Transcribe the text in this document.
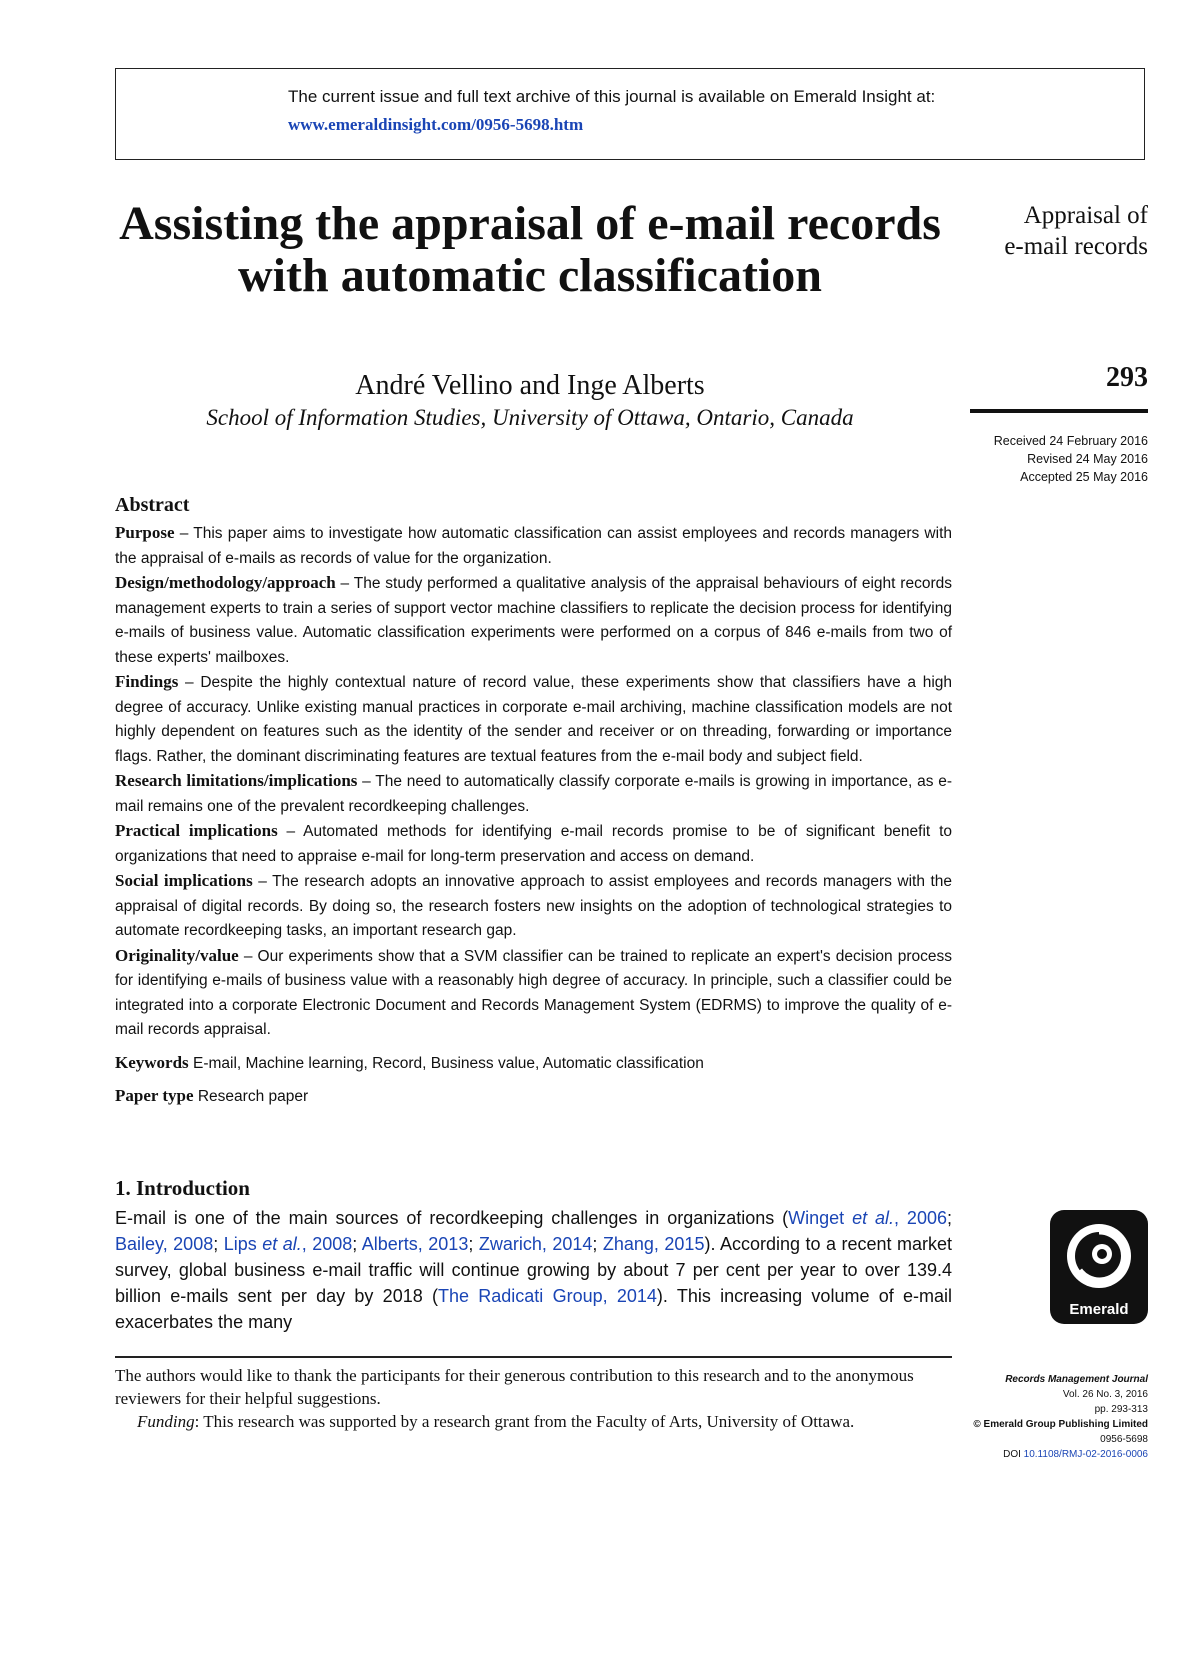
The current issue and full text archive of this journal is available on Emerald Insight at:
www.emeraldinsight.com/0956-5698.htm
Assisting the appraisal of e-mail records with automatic classification
André Vellino and Inge Alberts
School of Information Studies, University of Ottawa, Ontario, Canada
Appraisal of
e-mail records
293
Received 24 February 2016
Revised 24 May 2016
Accepted 25 May 2016
Abstract

Purpose – This paper aims to investigate how automatic classification can assist employees and records managers with the appraisal of e-mails as records of value for the organization.

Design/methodology/approach – The study performed a qualitative analysis of the appraisal behaviours of eight records management experts to train a series of support vector machine classifiers to replicate the decision process for identifying e-mails of business value. Automatic classification experiments were performed on a corpus of 846 e-mails from two of these experts' mailboxes.

Findings – Despite the highly contextual nature of record value, these experiments show that classifiers have a high degree of accuracy. Unlike existing manual practices in corporate e-mail archiving, machine classification models are not highly dependent on features such as the identity of the sender and receiver or on threading, forwarding or importance flags. Rather, the dominant discriminating features are textual features from the e-mail body and subject field.

Research limitations/implications – The need to automatically classify corporate e-mails is growing in importance, as e-mail remains one of the prevalent recordkeeping challenges.

Practical implications – Automated methods for identifying e-mail records promise to be of significant benefit to organizations that need to appraise e-mail for long-term preservation and access on demand.

Social implications – The research adopts an innovative approach to assist employees and records managers with the appraisal of digital records. By doing so, the research fosters new insights on the adoption of technological strategies to automate recordkeeping tasks, an important research gap.

Originality/value – Our experiments show that a SVM classifier can be trained to replicate an expert's decision process for identifying e-mails of business value with a reasonably high degree of accuracy. In principle, such a classifier could be integrated into a corporate Electronic Document and Records Management System (EDRMS) to improve the quality of e-mail records appraisal.

Keywords E-mail, Machine learning, Record, Business value, Automatic classification

Paper type Research paper

1. Introduction

E-mail is one of the main sources of recordkeeping challenges in organizations (Winget et al., 2006; Bailey, 2008; Lips et al., 2008; Alberts, 2013; Zwarich, 2014; Zhang, 2015). According to a recent market survey, global business e-mail traffic will continue growing by about 7 per cent per year to over 139.4 billion e-mails sent per day by 2018 (The Radicati Group, 2014). This increasing volume of e-mail exacerbates the many

Emerald

The authors would like to thank the participants for their generous contribution to this research and to the anonymous reviewers for their helpful suggestions.

Funding: This research was supported by a research grant from the Faculty of Arts, University of Ottawa.

Records Management Journal
Vol. 26 No. 3, 2016
pp. 293-313
© Emerald Group Publishing Limited
0956-5698
DOI 10.1108/RMJ-02-2016-0006
